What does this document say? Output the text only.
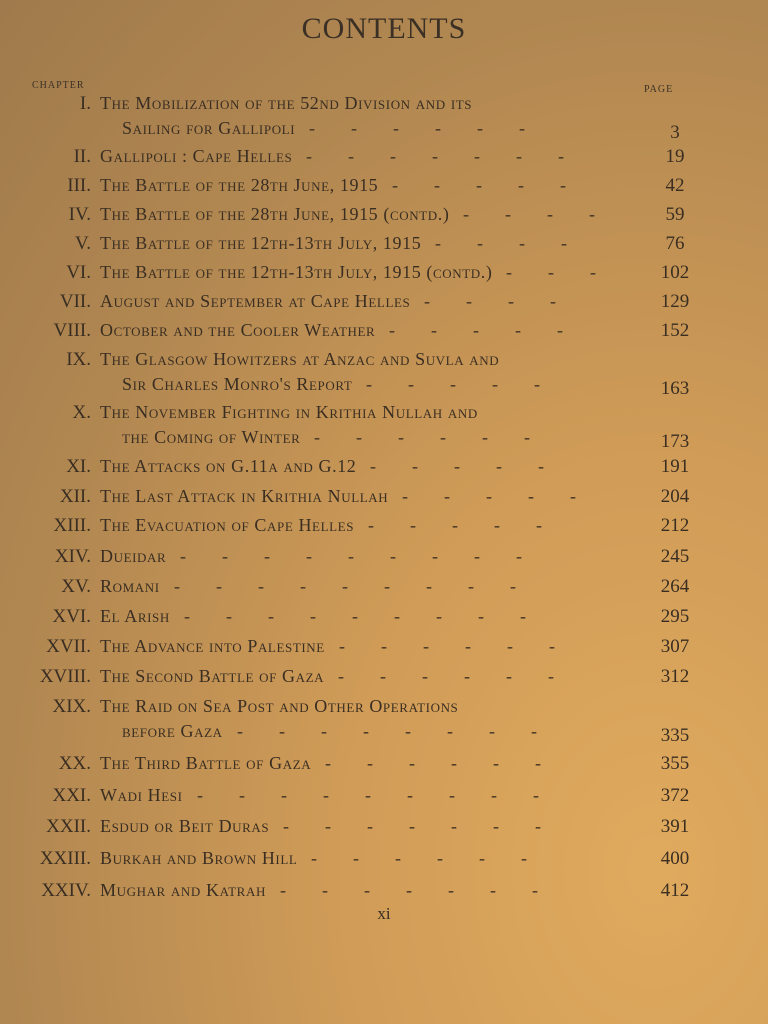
CONTENTS
CHAPTER	PAGE
I. The Mobilization of the 52nd Division and its
Sailing for Gallipoli	3
-  -  -  -  -  -  
II. Gallipoli : Cape Helles	19
-  -  -  -  -  -  -
III. The Battle of the 28th June, 1915	42
-  -  -  -  -
IV. The Battle of the 28th June, 1915 (contd.)	59
-  -  -  -
V. The Battle of the 12th-13th July, 1915	76
-  -  -  -
VI. The Battle of the 12th-13th July, 1915 (contd.)	102
-  -  -
VII. August and September at Cape Helles	129
-  -  -  -
VIII. October and the Cooler Weather	152
-  -  -  -  -
IX. The Glasgow Howitzers at Anzac and Suvla and
Sir Charles Monro's Report	163
-  -  -  -  -  
X. The November Fighting in Krithia Nullah and
the Coming of Winter	173
-  -  -  -  -  -  
XI. The Attacks on G.11a and G.12	191
-  -  -  -  -
XII. The Last Attack in Krithia Nullah	204
-  -  -  -  -
XIII. The Evacuation of Cape Helles	212
-  -  -  -  -  
XIV. Dueidar	245
-  -  -  -  -  -  -  -  -
XV. Romani	264
-  -  -  -  -  -  -  -  -
XVI. El Arish	295
-  -  -  -  -  -  -  -  -
XVII. The Advance into Palestine	307
-  -  -  -  -  -
XVIII. The Second Battle of Gaza	312
-  -  -  -  -  -
XIX. The Raid on Sea Post and Other Operations
before Gaza	335
-  -  -  -  -  -  -  -
XX. The Third Battle of Gaza	355
-  -  -  -  -  -
XXI. Wadi Hesi	372
-  -  -  -  -  -  -  -  -
XXII. Esdud or Beit Duras	391
-  -  -  -  -  -  -
XXIII. Burkah and Brown Hill	400
-  -  -  -  -  -  
XXIV. Mughar and Katrah	412
-  -  -  -  -  -  -
xi
